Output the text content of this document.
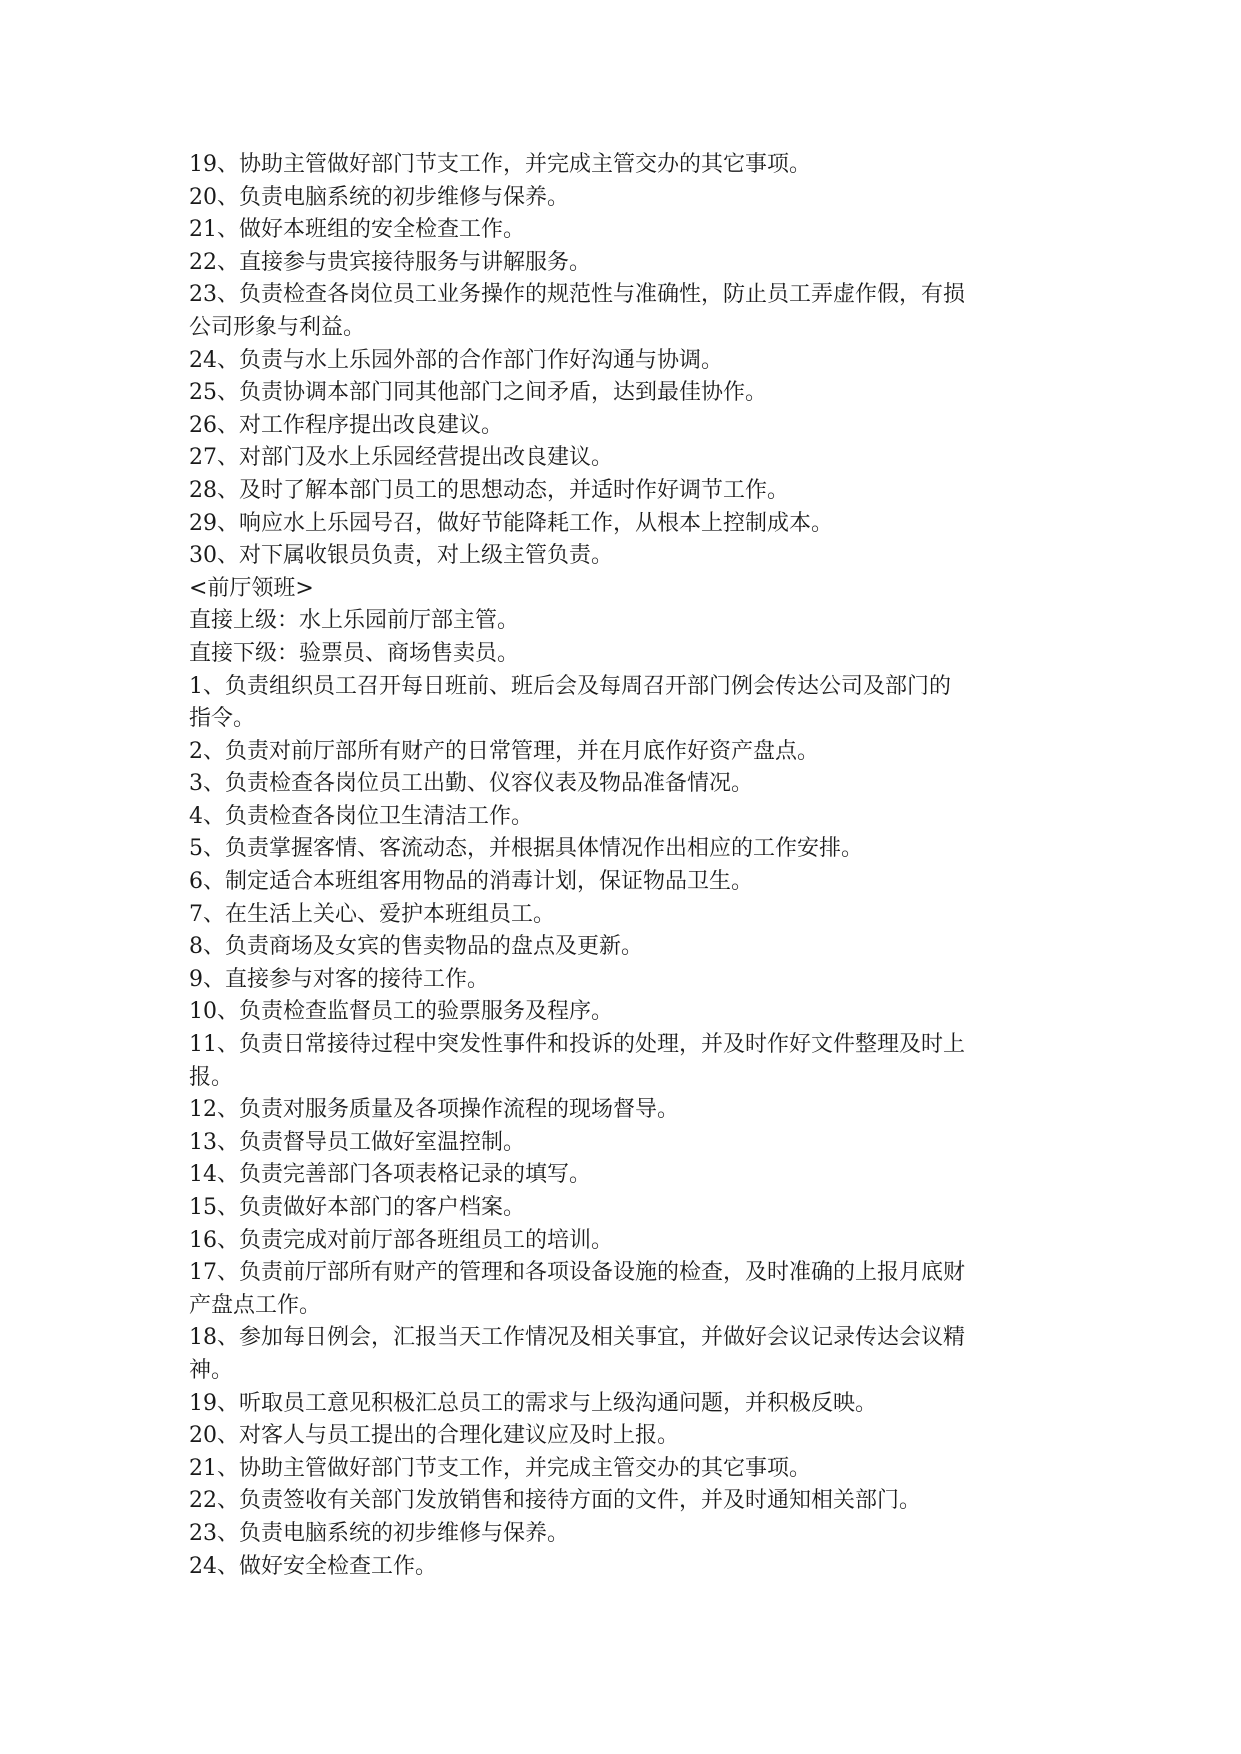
19、协助主管做好部门节支工作，并完成主管交办的其它事项。
20、负责电脑系统的初步维修与保养。
21、做好本班组的安全检查工作。
22、直接参与贵宾接待服务与讲解服务。
23、负责检查各岗位员工业务操作的规范性与准确性，防止员工弄虚作假，有损
公司形象与利益。
24、负责与水上乐园外部的合作部门作好沟通与协调。
25、负责协调本部门同其他部门之间矛盾，达到最佳协作。
26、对工作程序提出改良建议。
27、对部门及水上乐园经营提出改良建议。
28、及时了解本部门员工的思想动态，并适时作好调节工作。
29、响应水上乐园号召，做好节能降耗工作，从根本上控制成本。
30、对下属收银员负责，对上级主管负责。
<前厅领班>
直接上级：水上乐园前厅部主管。
直接下级：验票员、商场售卖员。
1、负责组织员工召开每日班前、班后会及每周召开部门例会传达公司及部门的
指令。
2、负责对前厅部所有财产的日常管理，并在月底作好资产盘点。
3、负责检查各岗位员工出勤、仪容仪表及物品准备情况。
4、负责检查各岗位卫生清洁工作。
5、负责掌握客情、客流动态，并根据具体情况作出相应的工作安排。
6、制定适合本班组客用物品的消毒计划，保证物品卫生。
7、在生活上关心、爱护本班组员工。
8、负责商场及女宾的售卖物品的盘点及更新。
9、直接参与对客的接待工作。
10、负责检查监督员工的验票服务及程序。
11、负责日常接待过程中突发性事件和投诉的处理，并及时作好文件整理及时上
报。
12、负责对服务质量及各项操作流程的现场督导。
13、负责督导员工做好室温控制。
14、负责完善部门各项表格记录的填写。
15、负责做好本部门的客户档案。
16、负责完成对前厅部各班组员工的培训。
17、负责前厅部所有财产的管理和各项设备设施的检查，及时准确的上报月底财
产盘点工作。
18、参加每日例会，汇报当天工作情况及相关事宜，并做好会议记录传达会议精
神。
19、听取员工意见积极汇总员工的需求与上级沟通问题，并积极反映。
20、对客人与员工提出的合理化建议应及时上报。
21、协助主管做好部门节支工作，并完成主管交办的其它事项。
22、负责签收有关部门发放销售和接待方面的文件，并及时通知相关部门。
23、负责电脑系统的初步维修与保养。
24、做好安全检查工作。
